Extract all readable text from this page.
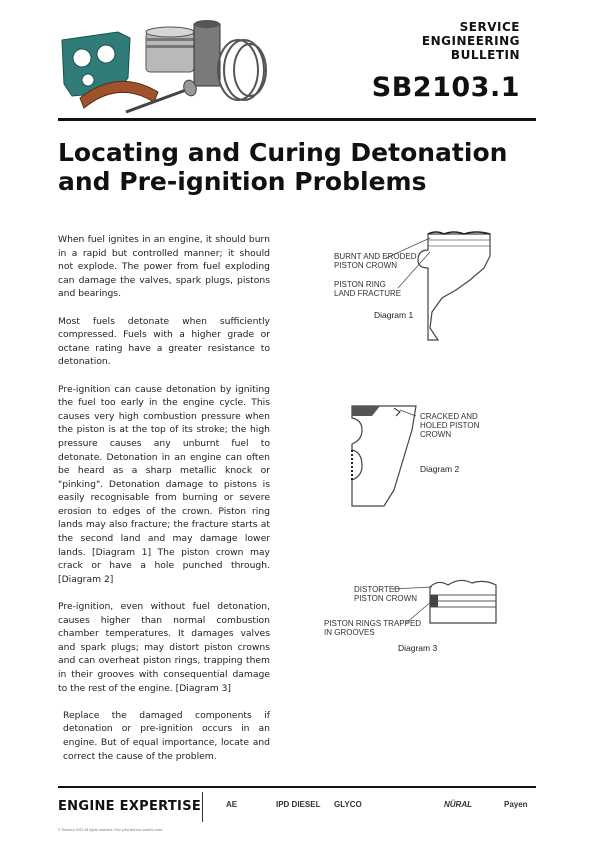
SERVICE
ENGINEERING
BULLETIN
SB2103.1
Locating and Curing Detonation
and Pre-ignition Problems

When fuel ignites in an engine, it should burn in a rapid but controlled manner; it should not explode. The power from fuel exploding can damage the valves, spark plugs, pistons and bearings.

Most fuels detonate when sufficiently compressed. Fuels with a higher grade or octane rating have a greater resistance to detonation.

Pre-ignition can cause detonation by igniting the fuel too early in the engine cycle. This causes very high combustion pressure when the piston is at the top of its stroke; the high pressure causes any unburnt fuel to detonate. Detonation in an engine can often be heard as a sharp metallic knock or "pinking". Detonation damage to pistons is easily recognisable from burning or severe erosion to edges of the crown. Piston ring lands may also fracture; the fracture starts at the second land and may damage lower lands. [Diagram 1] The piston crown may crack or have a hole punched through. [Diagram 2]

Pre-ignition, even without fuel detonation, causes higher than normal combustion chamber temperatures. It damages valves and spark plugs; may distort piston crowns and can overheat piston rings, trapping them in their grooves with consequential damage to the rest of the engine. [Diagram 3]

Replace the damaged components if detonation or pre-ignition occurs in an engine. But of equal importance, locate and correct the cause of the problem.

BURNT AND ERODED
PISTON CROWN
PISTON RING
LAND FRACTURE
Diagram 1
CRACKED AND
HOLED PISTON CROWN
Diagram 2
DISTORTED
PISTON CROWN
PISTON RINGS TRAPPED
IN GROOVES
Diagram 3
ENGINE EXPERTISE	AE	IPD DIESEL GLYCO	NÜRAL	Payen
© Tenneco 2021 All rights reserved. Fine print text too small to read
